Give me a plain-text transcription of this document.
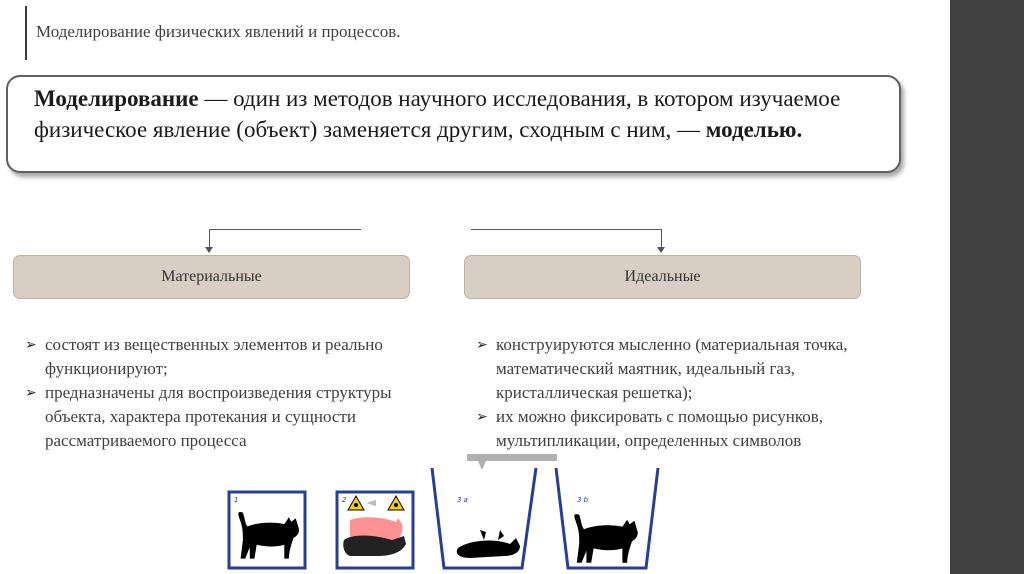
Моделирование физических явлений и процессов.
Моделирование — один из методов научного исследования, в котором изучаемое физическое явление (объект) заменяется другим, сходным с ним, — моделью.
Материальные	Идеальные
➢ состоят из вещественных элементов и реально функционируют;
➢ предназначены для воспроизведения структуры объекта, характера протекания и сущности рассматриваемого процесса
➢ конструируются мысленно (материальная точка, математический маятник, идеальный газ, кристаллическая решетка);
➢ их можно фиксировать с помощью рисунков, мультипликации, определенных символов
1	2	3 a	3 b
